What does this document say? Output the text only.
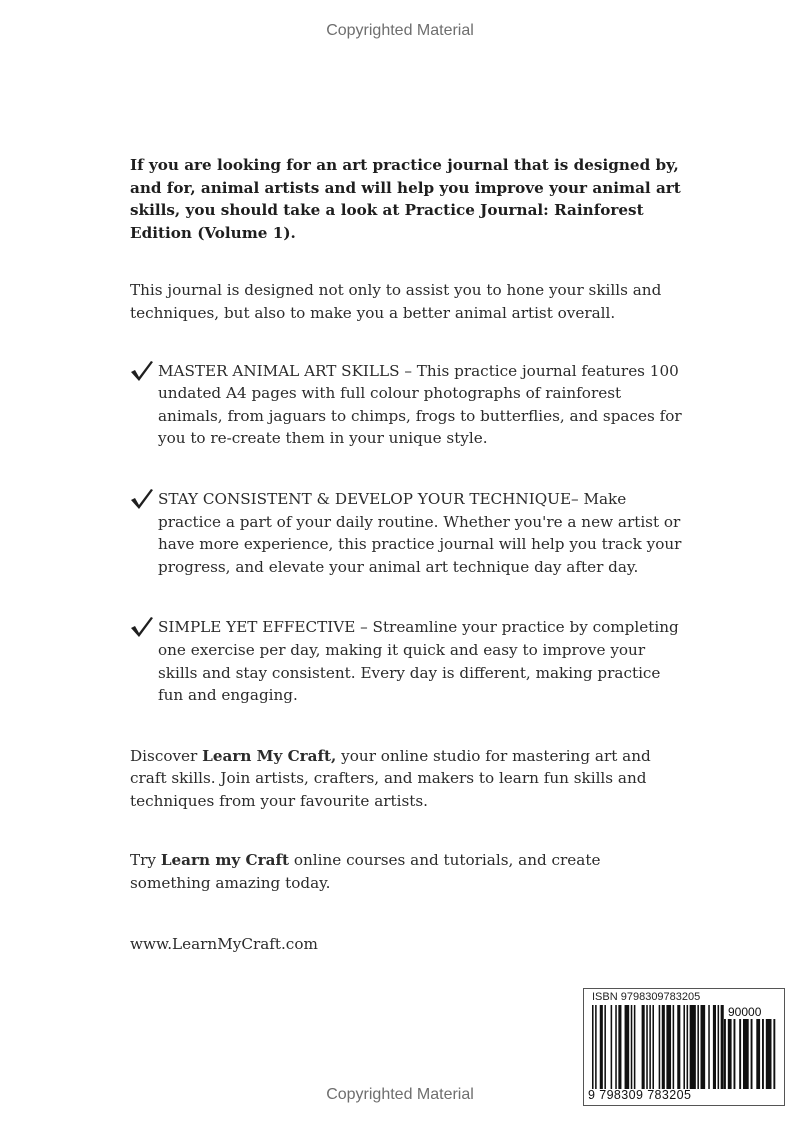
Copyrighted Material

If you are looking for an art practice journal that is designed by, and for, animal artists and will help you improve your animal art skills, you should take a look at Practice Journal: Rainforest Edition (Volume 1).

This journal is designed not only to assist you to hone your skills and techniques, but also to make you a better animal artist overall.

MASTER ANIMAL ART SKILLS – This practice journal features 100 undated A4 pages with full colour photographs of rainforest animals, from jaguars to chimps, frogs to butterflies, and spaces for you to re-create them in your unique style.

STAY CONSISTENT & DEVELOP YOUR TECHNIQUE– Make practice a part of your daily routine. Whether you're a new artist or have more experience, this practice journal will help you track your progress, and elevate your animal art technique day after day.

SIMPLE YET EFFECTIVE – Streamline your practice by completing one exercise per day, making it quick and easy to improve your skills and stay consistent. Every day is different, making practice fun and engaging.

Discover Learn My Craft, your online studio for mastering art and craft skills. Join artists, crafters, and makers to learn fun skills and techniques from your favourite artists.

Try Learn my Craft online courses and tutorials, and create something amazing today.

www.LearnMyCraft.com

ISBN 9798309783205
90000
9 798309 783205
Copyrighted Material
